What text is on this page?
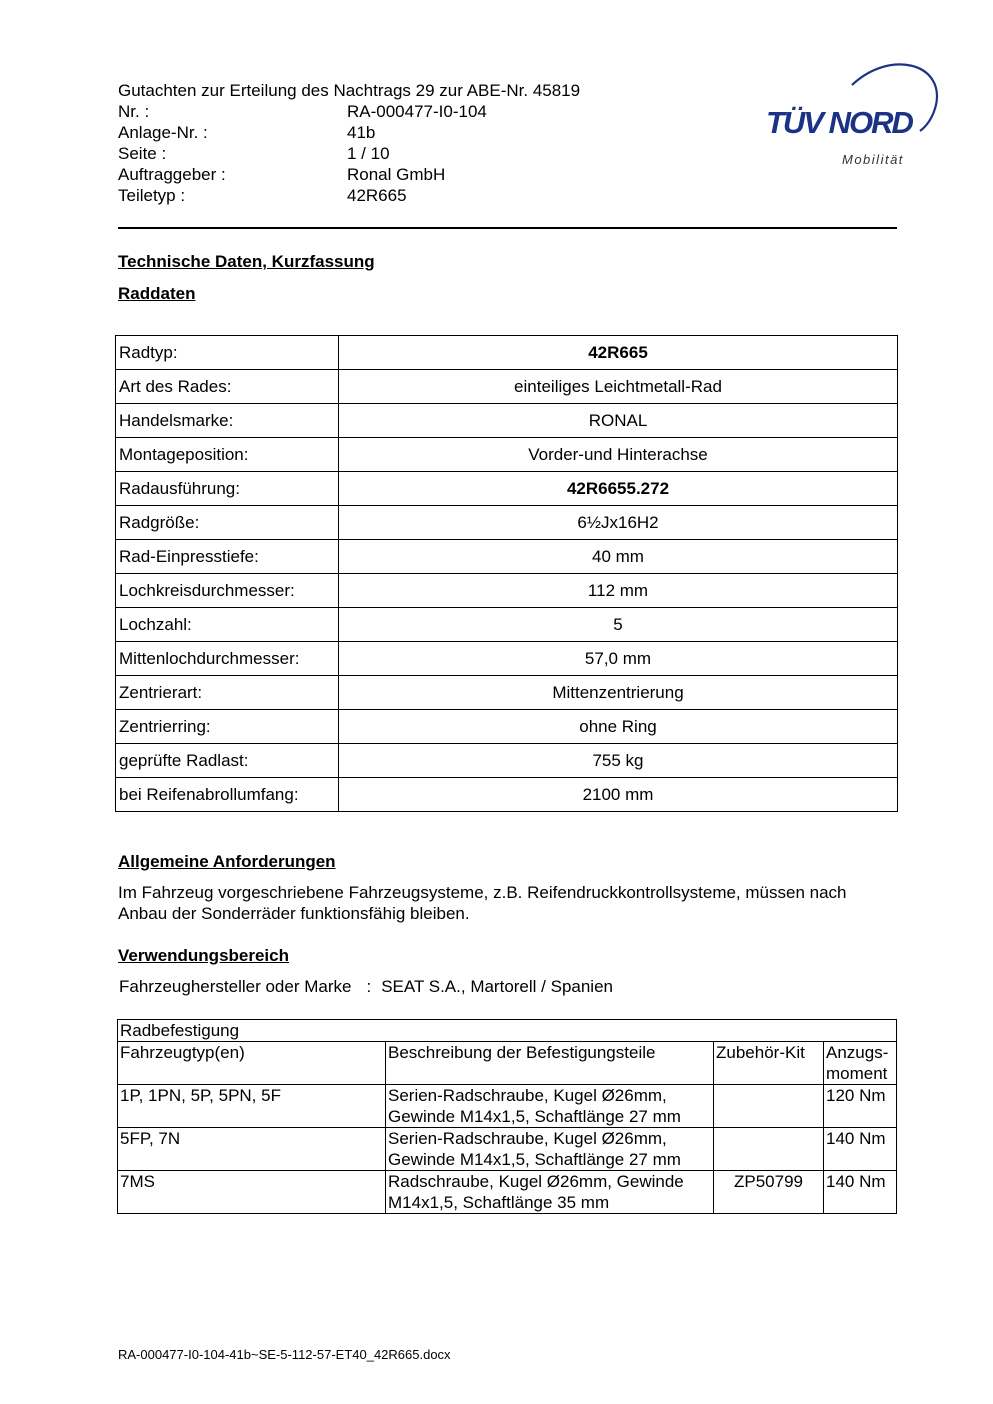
Gutachten zur Erteilung des Nachtrags 29 zur ABE-Nr. 45819
Nr. :	RA-000477-I0-104
Anlage-Nr. :	41b
Seite :	1 / 10
Auftraggeber :	Ronal GmbH
Teiletyp :	42R665
TÜV NORD
Mobilität
Technische Daten, Kurzfassung
Raddaten
Radtyp:	42R665
Art des Rades:	einteiliges Leichtmetall-Rad
Handelsmarke:	RONAL
Montageposition:	Vorder-und Hinterachse
Radausführung:	42R6655.272
Radgröße:	6½Jx16H2
Rad-Einpresstiefe:	40 mm
Lochkreisdurchmesser:	112 mm
Lochzahl:	5
Mittenlochdurchmesser:	57,0 mm
Zentrierart:	Mittenzentrierung
Zentrierring:	ohne Ring
geprüfte Radlast:	755 kg
bei Reifenabrollumfang:	2100 mm
Allgemeine Anforderungen
Im Fahrzeug vorgeschriebene Fahrzeugsysteme, z.B. Reifendruckkontrollsysteme, müssen nach Anbau der Sonderräder funktionsfähig bleiben.
Verwendungsbereich
Fahrzeughersteller oder Marke : SEAT S.A., Martorell / Spanien
Radbefestigung			
Fahrzeugtyp(en)	Beschreibung der Befestigungsteile	Zubehör-Kit	Anzugs-
moment
1P, 1PN, 5P, 5PN, 5F	Serien-Radschraube, Kugel Ø26mm,
Gewinde M14x1,5, Schaftlänge 27 mm		120 Nm
5FP, 7N	Serien-Radschraube, Kugel Ø26mm,
Gewinde M14x1,5, Schaftlänge 27 mm		140 Nm
7MS	Radschraube, Kugel Ø26mm, Gewinde
M14x1,5, Schaftlänge 35 mm	ZP50799	140 Nm
RA-000477-I0-104-41b~SE-5-112-57-ET40_42R665.docx
